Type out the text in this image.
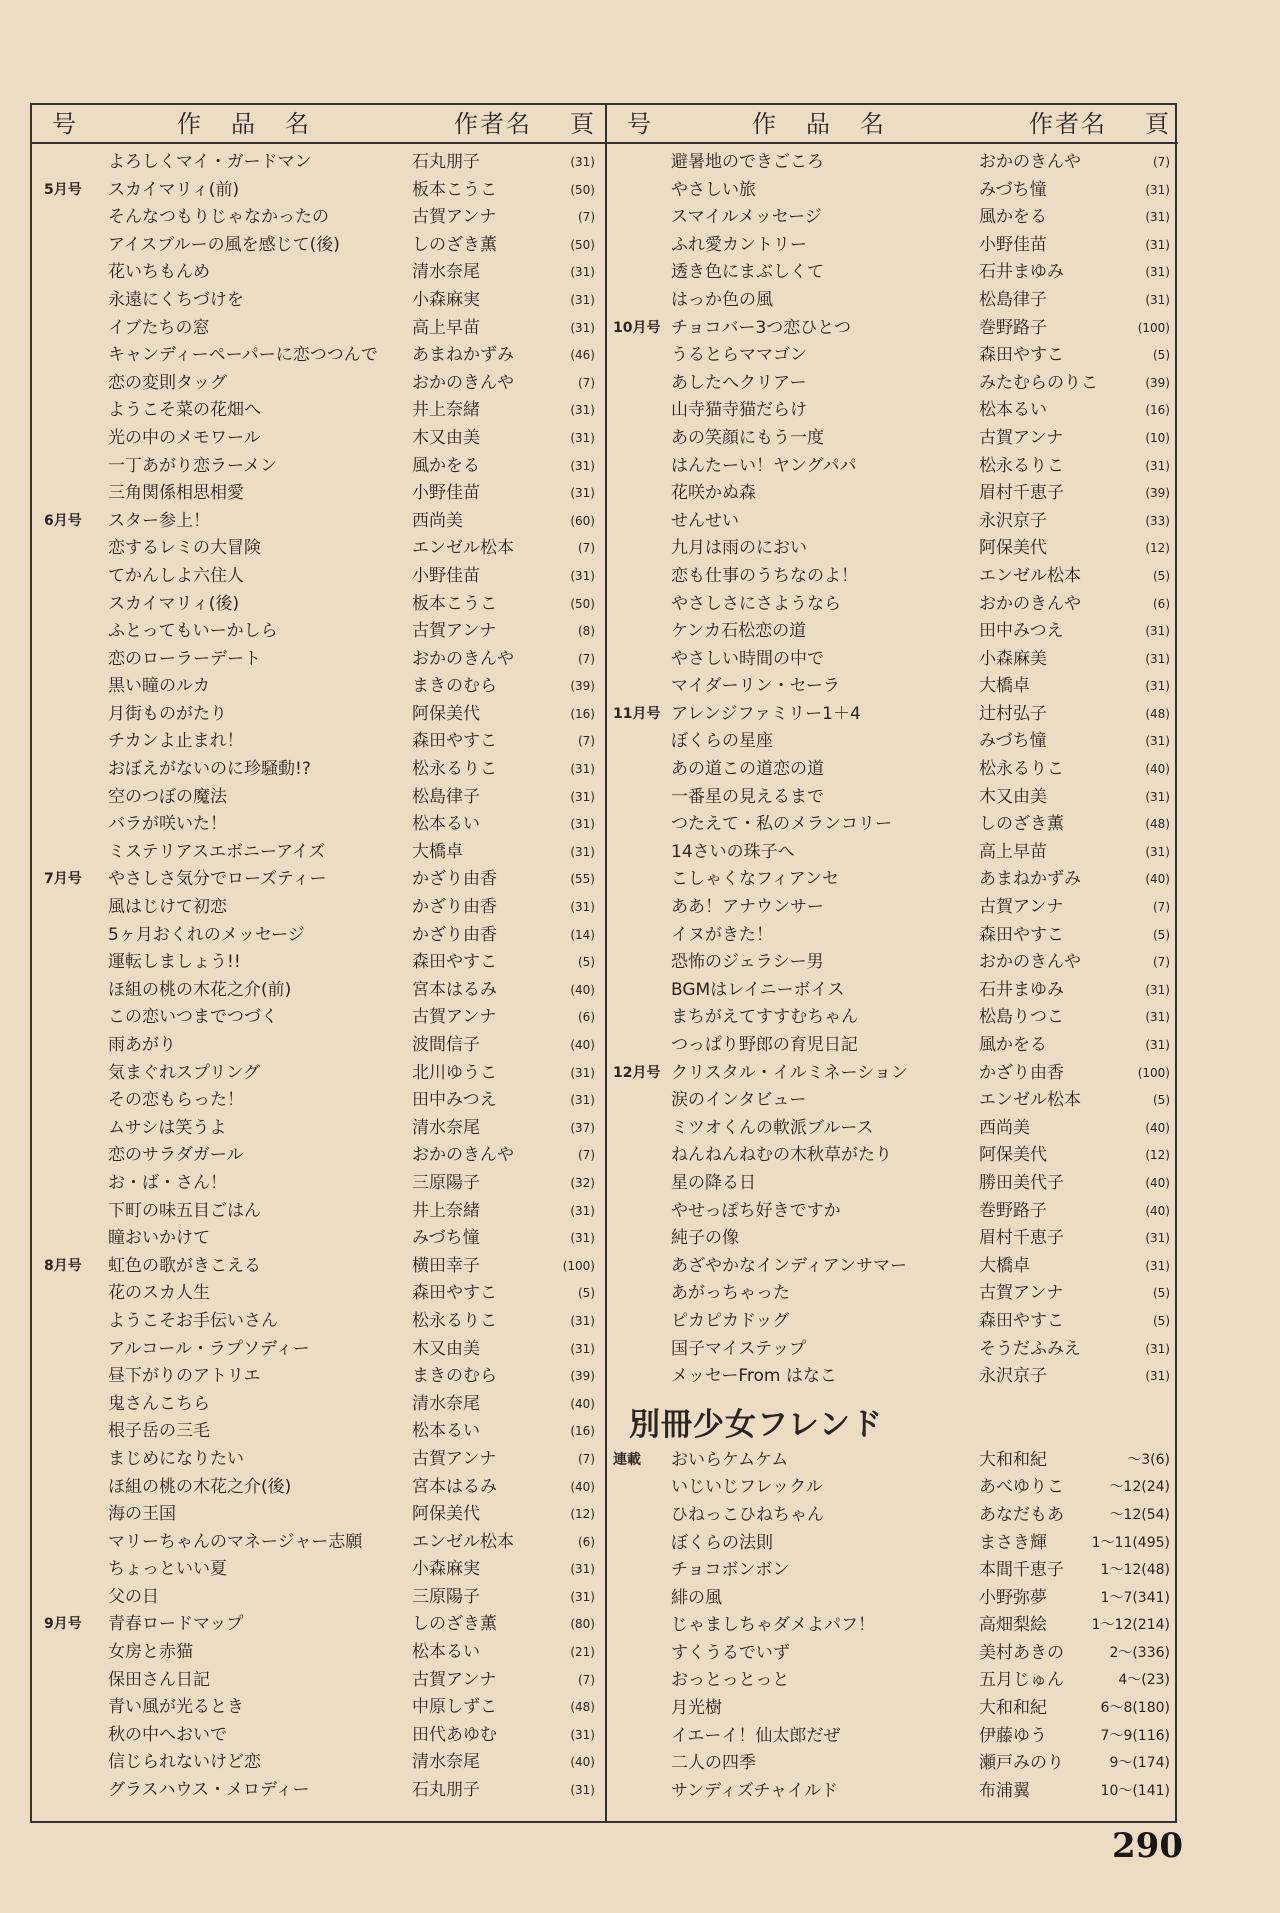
号	作品名	作者名 頁
よろしくマイ・ガードマン	石丸朋子	(31)
5月号 スカイマリィ(前)	板本こうこ	(50)
そんなつもりじゃなかったの	古賀アンナ	(7)
アイスブルーの風を感じて(後)	しのざき薫	(50)
花いちもんめ	清水奈尾	(31)
永遠にくちづけを	小森麻実	(31)
イブたちの窓	高上早苗	(31)
キャンディーペーパーに恋つつんで あまねかずみ	(46)
恋の変則タッグ	おかのきんや	(7)
ようこそ菜の花畑へ	井上奈緒	(31)
光の中のメモワール	木又由美	(31)
一丁あがり恋ラーメン	風かをる	(31)
三角関係相思相愛	小野佳苗	(31)
6月号 スター参上！	西尚美	(60)
恋するレミの大冒険	エンゼル松本	(7)
てかんしよ六住人	小野佳苗	(31)
スカイマリィ(後)	板本こうこ	(50)
ふとってもいーかしら	古賀アンナ	(8)
恋のローラーデート	おかのきんや	(7)
黒い瞳のルカ	まきのむら	(39)
月街ものがたり	阿保美代	(16)
チカンよ止まれ！	森田やすこ	(7)
おぼえがないのに珍騒動!?	松永るりこ	(31)
空のつぼの魔法	松島律子	(31)
バラが咲いた！	松本るい	(31)
ミステリアスエボニーアイズ	大橋卓	(31)
7月号 やさしさ気分でローズティー	かざり由香	(55)
風はじけて初恋	かざり由香	(31)
5ヶ月おくれのメッセージ	かざり由香	(14)
運転しましょう!!	森田やすこ	(5)
ほ組の桃の木花之介(前)	宮本はるみ	(40)
この恋いつまでつづく	古賀アンナ	(6)
雨あがり	波間信子	(40)
気まぐれスプリング	北川ゆうこ	(31)
その恋もらった！	田中みつえ	(31)
ムサシは笑うよ	清水奈尾	(37)
恋のサラダガール	おかのきんや	(7)
お・ば・さん！	三原陽子	(32)
下町の味五目ごはん	井上奈緒	(31)
瞳おいかけて	みづち憧	(31)
8月号 虹色の歌がきこえる	横田幸子	(100)
花のスカ人生	森田やすこ	(5)
ようこそお手伝いさん	松永るりこ	(31)
アルコール・ラプソディー	木又由美	(31)
昼下がりのアトリエ	まきのむら	(39)
鬼さんこちら	清水奈尾	(40)
根子岳の三毛	松本るい	(16)
まじめになりたい	古賀アンナ	(7)
ほ組の桃の木花之介(後)	宮本はるみ	(40)
海の王国	阿保美代	(12)
マリーちゃんのマネージャー志願	エンゼル松本	(6)
ちょっといい夏	小森麻実	(31)
父の日	三原陽子	(31)
9月号 青春ロードマップ	しのざき薫	(80)
女房と赤猫	松本るい	(21)
保田さん日記	古賀アンナ	(7)
青い風が光るとき	中原しずこ	(48)
秋の中へおいで	田代あゆむ	(31)
信じられないけど恋	清水奈尾	(40)
グラスハウス・メロディー	石丸朋子	(31)
号	作品名	作者名 頁
避暑地のできごころ	おかのきんや	(7)
やさしい旅	みづち憧	(31)
スマイルメッセージ	風かをる	(31)
ふれ愛カントリー	小野佳苗	(31)
透き色にまぶしくて	石井まゆみ	(31)
はっか色の風	松島律子	(31)
10月号 チョコバー3つ恋ひとつ	巻野路子	(100)
うるとらママゴン	森田やすこ	(5)
あしたへクリアー	みたむらのりこ	(39)
山寺猫寺猫だらけ	松本るい	(16)
あの笑顔にもう一度	古賀アンナ	(10)
はんたーい！ヤングパパ	松永るりこ	(31)
花咲かぬ森	眉村千恵子	(39)
せんせい	永沢京子	(33)
九月は雨のにおい	阿保美代	(12)
恋も仕事のうちなのよ！	エンゼル松本	(5)
やさしさにさようなら	おかのきんや	(6)
ケンカ石松恋の道	田中みつえ	(31)
やさしい時間の中で	小森麻美	(31)
マイダーリン・セーラ	大橋卓	(31)
11月号 アレンジファミリー1＋4	辻村弘子	(48)
ぼくらの星座	みづち憧	(31)
あの道この道恋の道	松永るりこ	(40)
一番星の見えるまで	木又由美	(31)
つたえて・私のメランコリー	しのざき薫	(48)
14さいの珠子へ	高上早苗	(31)
こしゃくなフィアンセ	あまねかずみ	(40)
ああ！アナウンサー	古賀アンナ	(7)
イヌがきた！	森田やすこ	(5)
恐怖のジェラシー男	おかのきんや	(7)
BGMはレイニーボイス	石井まゆみ	(31)
まちがえてすすむちゃん	松島りつこ	(31)
つっぱり野郎の育児日記	風かをる	(31)
12月号 クリスタル・イルミネーション	かざり由香	(100)
涙のインタビュー	エンゼル松本	(5)
ミツオくんの軟派ブルース	西尚美	(40)
ねんねんねむの木秋草がたり	阿保美代	(12)
星の降る日	勝田美代子	(40)
やせっぽち好きですか	巻野路子	(40)
純子の像	眉村千恵子	(31)
あざやかなインディアンサマー	大橋卓	(31)
あがっちゃった	古賀アンナ	(5)
ピカピカドッグ	森田やすこ	(5)
国子マイステップ	そうだふみえ	(31)
メッセーFrom はなこ	永沢京子	(31)
別冊少女フレンド
連載 おいらケムケム	大和和紀	～3(6)
いじいじフレックル	あべゆりこ	～12(24)
ひねっこひねちゃん	あなだもあ	～12(54)
ぼくらの法則	まさき輝	1～11(495)
チョコボンボン	本間千恵子	1～12(48)
緋の風	小野弥夢	1～7(341)
じゃましちゃダメよパフ！	高畑梨絵	1～12(214)
すくうるでいず	美村あきの	2～(336)
おっとっとっと	五月じゅん	4～(23)
月光樹	大和和紀	6～8(180)
イエーイ！仙太郎だぜ	伊藤ゆう	7～9(116)
二人の四季	瀬戸みのり	9～(174)
サンディズチャイルド	布浦翼	10～(141)
290
